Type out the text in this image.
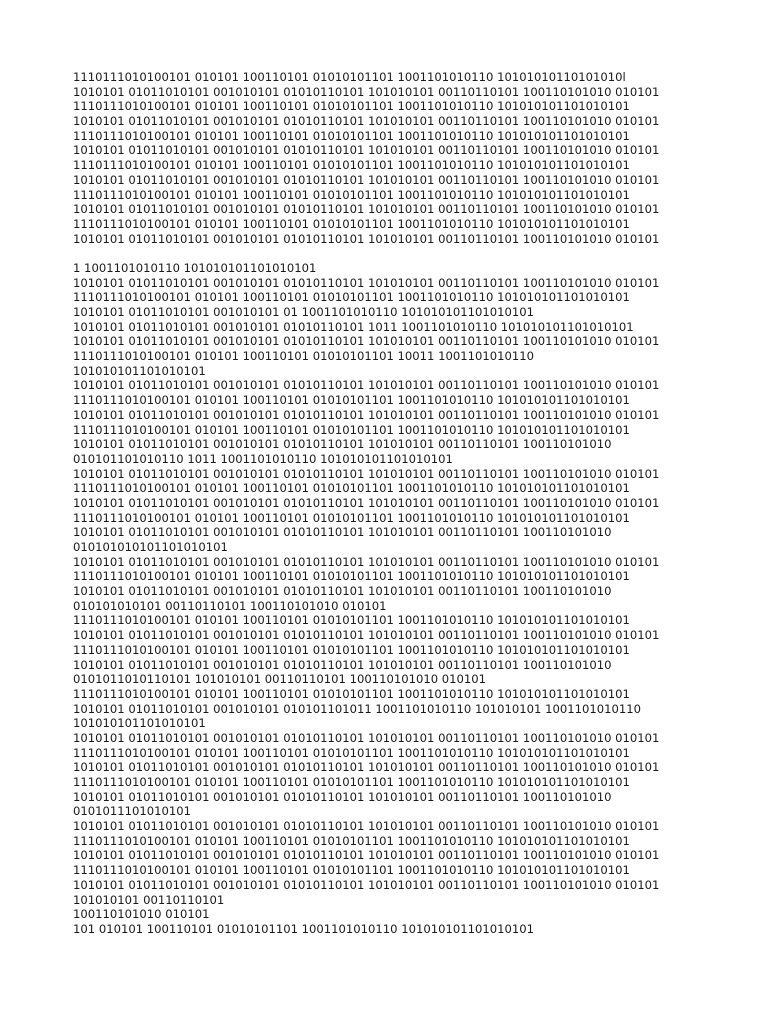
1110111010100101 010101 100110101 01010101101 1001101010110 10101010110101010l
1010101 01011010101 001010101 01010110101 101010101 00110110101 100110101010 010101
1110111010100101 010101 100110101 01010101101 1001101010110 101010101101010101
1010101 01011010101 001010101 01010110101 101010101 00110110101 100110101010 010101
1110111010100101 010101 100110101 01010101101 1001101010110 101010101101010101
1010101 01011010101 001010101 01010110101 101010101 00110110101 100110101010 010101
1110111010100101 010101 100110101 01010101101 1001101010110 101010101101010101
1010101 01011010101 001010101 01010110101 101010101 00110110101 100110101010 010101
1110111010100101 010101 100110101 01010101101 1001101010110 101010101101010101
1010101 01011010101 001010101 01010110101 101010101 00110110101 100110101010 010101
1110111010100101 010101 100110101 01010101101 1001101010110 101010101101010101
1010101 01011010101 001010101 01010110101 101010101 00110110101 100110101010 010101
1 1001101010110 101010101101010101
1010101 01011010101 001010101 01010110101 101010101 00110110101 100110101010 010101
1110111010100101 010101 100110101 01010101101 1001101010110 101010101101010101
1010101 01011010101 001010101 01 1001101010110 101010101101010101
1010101 01011010101 001010101 01010110101 1011 1001101010110 101010101101010101
1010101 01011010101 001010101 01010110101 101010101 00110110101 100110101010 010101
1110111010100101 010101 100110101 01010101101 10011 1001101010110
101010101101010101
1010101 01011010101 001010101 01010110101 101010101 00110110101 100110101010 010101
1110111010100101 010101 100110101 01010101101 1001101010110 101010101101010101
1010101 01011010101 001010101 01010110101 101010101 00110110101 100110101010 010101
1110111010100101 010101 100110101 01010101101 1001101010110 101010101101010101
1010101 01011010101 001010101 01010110101 101010101 00110110101 100110101010
010101101010110 1011 1001101010110 101010101101010101
1010101 01011010101 001010101 01010110101 101010101 00110110101 100110101010 010101
1110111010100101 010101 100110101 01010101101 1001101010110 101010101101010101
1010101 01011010101 001010101 01010110101 101010101 00110110101 100110101010 010101
1110111010100101 010101 100110101 01010101101 1001101010110 101010101101010101
1010101 01011010101 001010101 01010110101 101010101 00110110101 100110101010
010101010101101010101
1010101 01011010101 001010101 01010110101 101010101 00110110101 100110101010 010101
1110111010100101 010101 100110101 01010101101 1001101010110 101010101101010101
1010101 01011010101 001010101 01010110101 101010101 00110110101 100110101010
010101010101 00110110101 100110101010 010101
1110111010100101 010101 100110101 01010101101 1001101010110 101010101101010101
1010101 01011010101 001010101 01010110101 101010101 00110110101 100110101010 010101
1110111010100101 010101 100110101 01010101101 1001101010110 101010101101010101
1010101 01011010101 001010101 01010110101 101010101 00110110101 100110101010
0101011010110101 101010101 00110110101 100110101010 010101
1110111010100101 010101 100110101 01010101101 1001101010110 101010101101010101
1010101 01011010101 001010101 010101101011 1001101010110 101010101 1001101010110
101010101101010101
1010101 01011010101 001010101 01010110101 101010101 00110110101 100110101010 010101
1110111010100101 010101 100110101 01010101101 1001101010110 101010101101010101
1010101 01011010101 001010101 01010110101 101010101 00110110101 100110101010 010101
1110111010100101 010101 100110101 01010101101 1001101010110 101010101101010101
1010101 01011010101 001010101 01010110101 101010101 00110110101 100110101010
0101011101010101
1010101 01011010101 001010101 01010110101 101010101 00110110101 100110101010 010101
1110111010100101 010101 100110101 01010101101 1001101010110 101010101101010101
1010101 01011010101 001010101 01010110101 101010101 00110110101 100110101010 010101
1110111010100101 010101 100110101 01010101101 1001101010110 101010101101010101
1010101 01011010101 001010101 01010110101 101010101 00110110101 100110101010 010101
101010101 00110110101
100110101010 010101
101 010101 100110101 01010101101 1001101010110 101010101101010101
